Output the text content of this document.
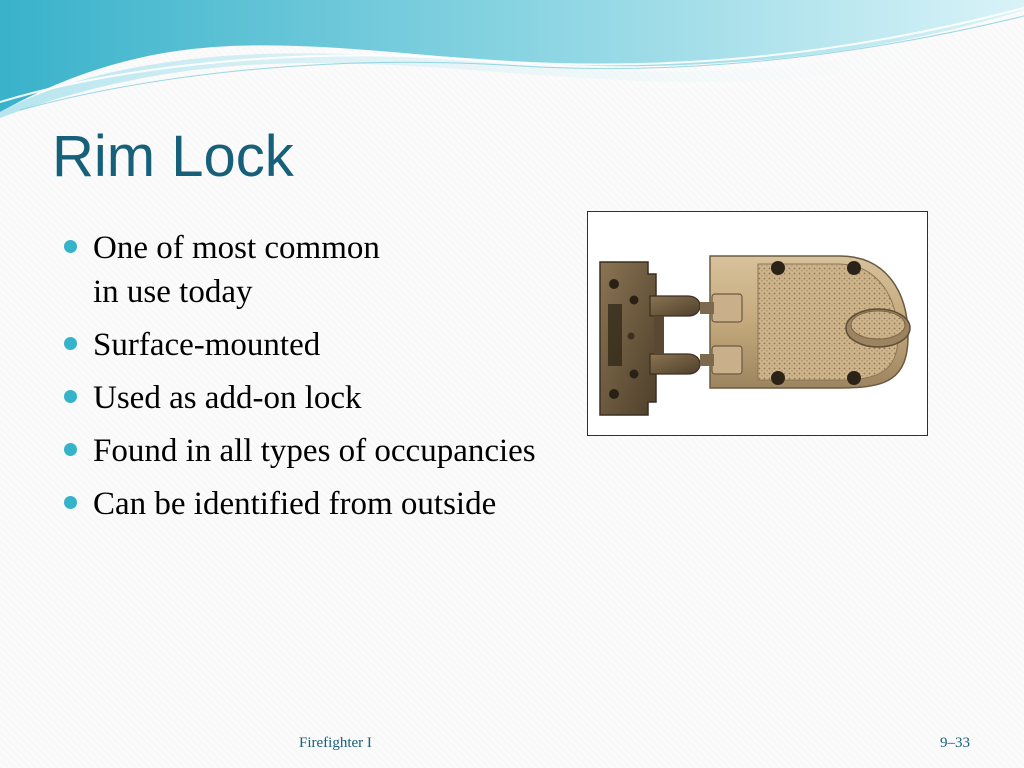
Rim Lock
One of most common
in use today
Surface-mounted
Used as add-on lock
Found in all types of occupancies
Can be identified from outside
Firefighter I	9–33
